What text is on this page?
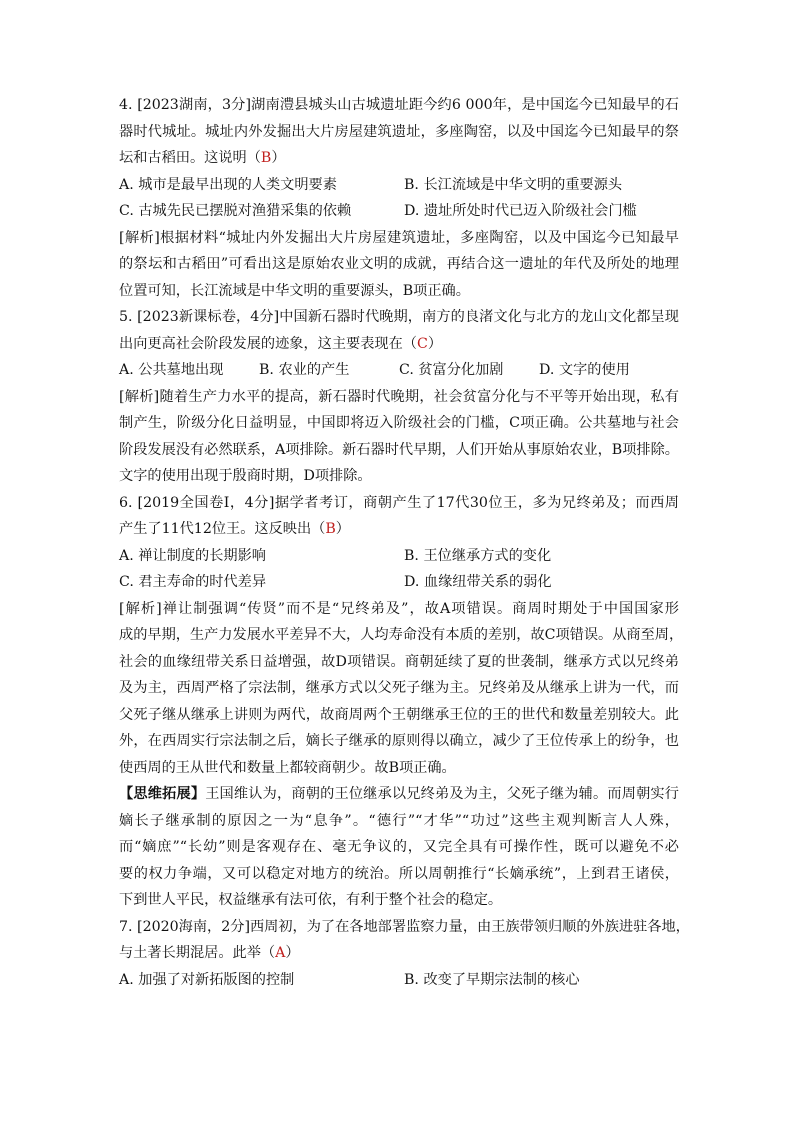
4. [2023湖南，3分]湖南澧县城头山古城遗址距今约6 000年，是中国迄今已知最早的石
器时代城址。城址内外发掘出大片房屋建筑遗址，多座陶窑，以及中国迄今已知最早的祭
坛和古稻田。这说明（B）
A. 城市是最早出现的人类文明要素	B. 长江流域是中华文明的重要源头
C. 古城先民已摆脱对渔猎采集的依赖	D. 遗址所处时代已迈入阶级社会门槛
[解析]根据材料“城址内外发掘出大片房屋建筑遗址，多座陶窑，以及中国迄今已知最早
的祭坛和古稻田”可看出这是原始农业文明的成就，再结合这一遗址的年代及所处的地理
位置可知，长江流域是中华文明的重要源头，B项正确。
5. [2023新课标卷，4分]中国新石器时代晚期，南方的良渚文化与北方的龙山文化都呈现
出向更高社会阶段发展的迹象，这主要表现在（C）
A. 公共墓地出现	B. 农业的产生	C. 贫富分化加剧	D. 文字的使用
[解析]随着生产力水平的提高，新石器时代晚期，社会贫富分化与不平等开始出现，私有
制产生，阶级分化日益明显，中国即将迈入阶级社会的门槛，C项正确。公共墓地与社会
阶段发展没有必然联系，A项排除。新石器时代早期，人们开始从事原始农业，B项排除。
文字的使用出现于殷商时期，D项排除。
6. [2019全国卷Ⅰ，4分]据学者考订，商朝产生了17代30位王，多为兄终弟及；而西周
产生了11代12位王。这反映出（B）
A. 禅让制度的长期影响	B. 王位继承方式的变化
C. 君主寿命的时代差异	D. 血缘纽带关系的弱化
[解析]禅让制强调“传贤”而不是“兄终弟及”，故A项错误。商周时期处于中国国家形
成的早期，生产力发展水平差异不大，人均寿命没有本质的差别，故C项错误。从商至周，
社会的血缘纽带关系日益增强，故D项错误。商朝延续了夏的世袭制，继承方式以兄终弟
及为主，西周严格了宗法制，继承方式以父死子继为主。兄终弟及从继承上讲为一代，而
父死子继从继承上讲则为两代，故商周两个王朝继承王位的王的世代和数量差别较大。此
外，在西周实行宗法制之后，嫡长子继承的原则得以确立，减少了王位传承上的纷争，也
使西周的王从世代和数量上都较商朝少。故B项正确。
【思维拓展】王国维认为，商朝的王位继承以兄终弟及为主，父死子继为辅。而周朝实行
嫡长子继承制的原因之一为“息争”。“德行”“才华”“功过”这些主观判断言人人殊，
而“嫡庶”“长幼”则是客观存在、毫无争议的，又完全具有可操作性，既可以避免不必
要的权力争端，又可以稳定对地方的统治。所以周朝推行“长嫡承统”，上到君王诸侯，
下到世人平民，权益继承有法可依，有利于整个社会的稳定。
7. [2020海南，2分]西周初，为了在各地部署监察力量，由王族带领归顺的外族进驻各地，
与土著长期混居。此举（A）
A. 加强了对新拓版图的控制	B. 改变了早期宗法制的核心
